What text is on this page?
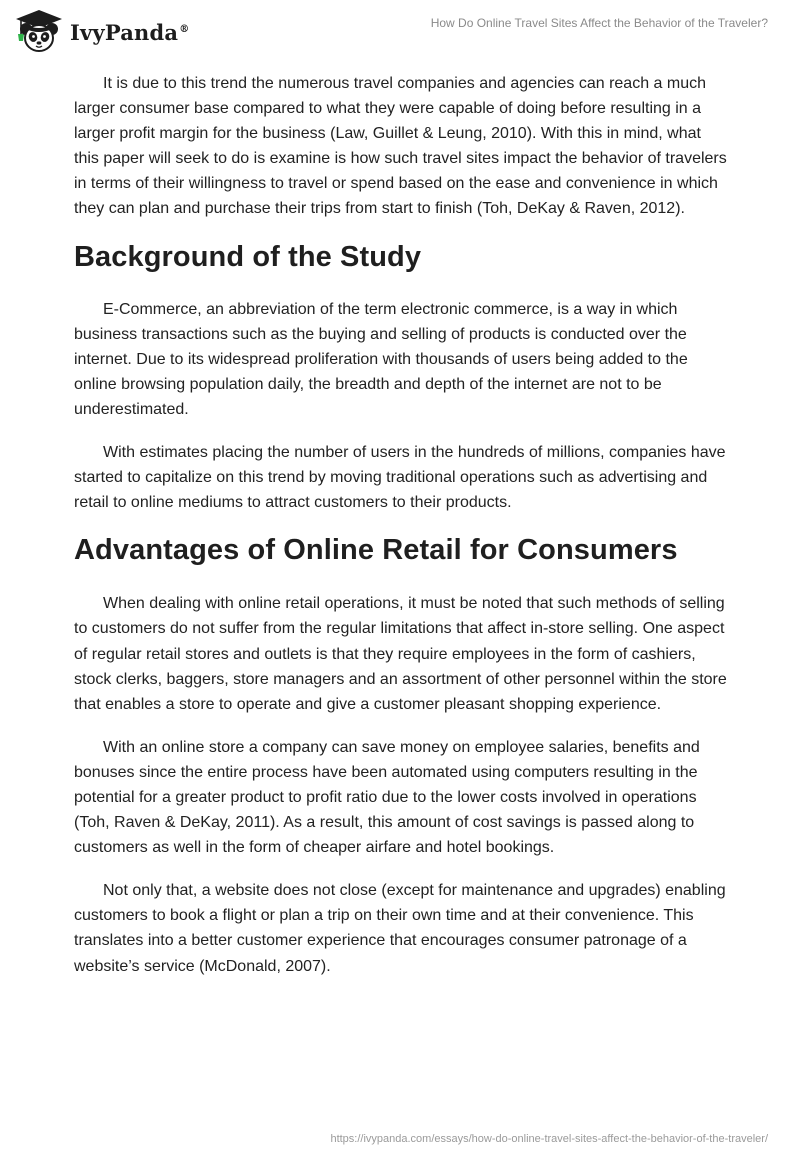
IvyPanda®	How Do Online Travel Sites Affect the Behavior of the Traveler?

It is due to this trend the numerous travel companies and agencies can reach a much larger consumer base compared to what they were capable of doing before resulting in a larger profit margin for the business (Law, Guillet & Leung, 2010). With this in mind, what this paper will seek to do is examine is how such travel sites impact the behavior of travelers in terms of their willingness to travel or spend based on the ease and convenience in which they can plan and purchase their trips from start to finish (Toh, DeKay & Raven, 2012).

Background of the Study

E-Commerce, an abbreviation of the term electronic commerce, is a way in which business transactions such as the buying and selling of products is conducted over the internet. Due to its widespread proliferation with thousands of users being added to the online browsing population daily, the breadth and depth of the internet are not to be underestimated.

With estimates placing the number of users in the hundreds of millions, companies have started to capitalize on this trend by moving traditional operations such as advertising and retail to online mediums to attract customers to their products.

Advantages of Online Retail for Consumers

When dealing with online retail operations, it must be noted that such methods of selling to customers do not suffer from the regular limitations that affect in-store selling. One aspect of regular retail stores and outlets is that they require employees in the form of cashiers, stock clerks, baggers, store managers and an assortment of other personnel within the store that enables a store to operate and give a customer pleasant shopping experience.

With an online store a company can save money on employee salaries, benefits and bonuses since the entire process have been automated using computers resulting in the potential for a greater product to profit ratio due to the lower costs involved in operations (Toh, Raven & DeKay, 2011). As a result, this amount of cost savings is passed along to customers as well in the form of cheaper airfare and hotel bookings.

Not only that, a website does not close (except for maintenance and upgrades) enabling customers to book a flight or plan a trip on their own time and at their convenience. This translates into a better customer experience that encourages consumer patronage of a website’s service (McDonald, 2007).

https://ivypanda.com/essays/how-do-online-travel-sites-affect-the-behavior-of-the-traveler/
